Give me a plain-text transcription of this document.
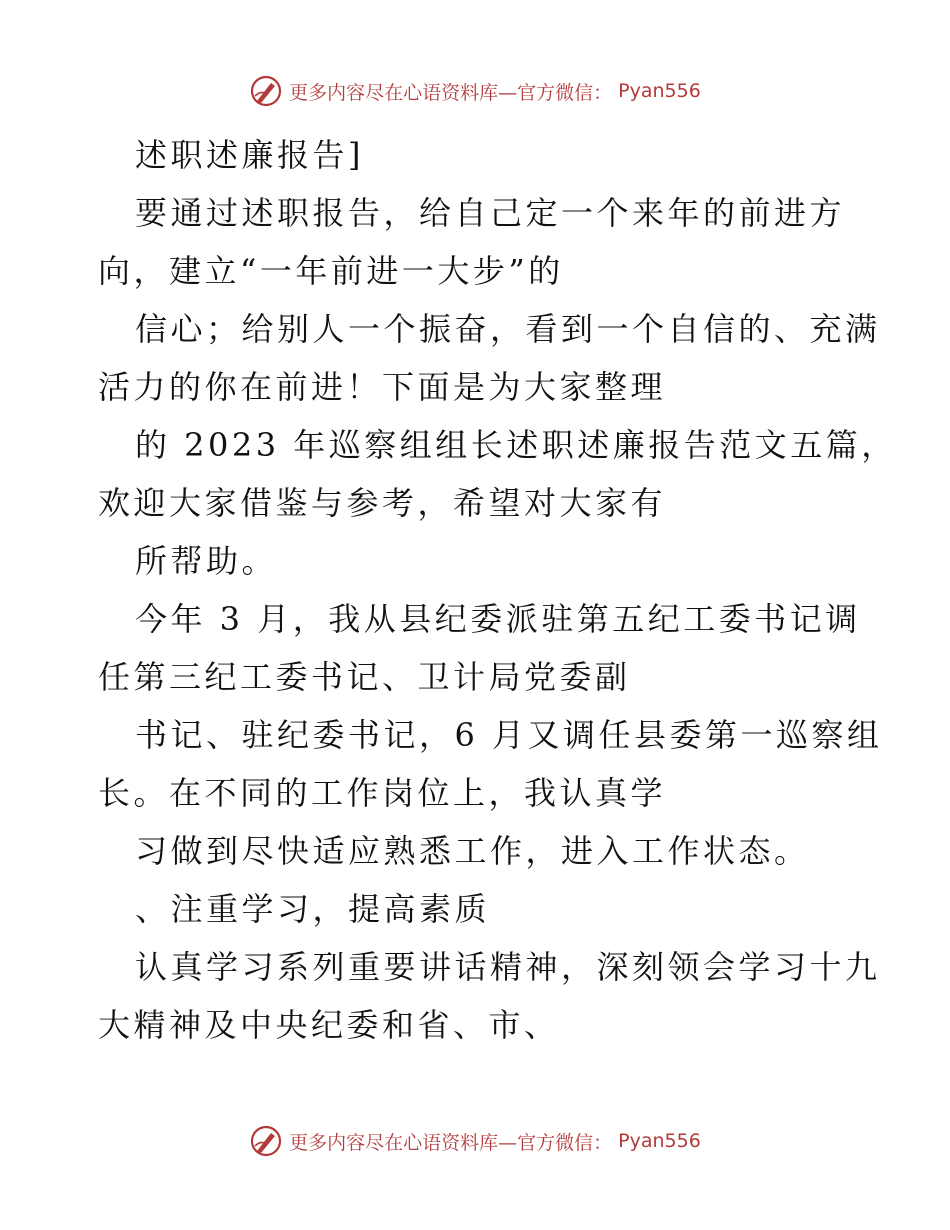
更多内容尽在心语资料库—官方微信： Pyan556
述职述廉报告]
要通过述职报告，给自己定一个来年的前进方
向，建立“一年前进一大步”的
信心；给别人一个振奋，看到一个自信的、充满
活力的你在前进！下面是为大家整理
的 2023 年巡察组组长述职述廉报告范文五篇，
欢迎大家借鉴与参考，希望对大家有
所帮助。
今年 3 月，我从县纪委派驻第五纪工委书记调
任第三纪工委书记、卫计局党委副
书记、驻纪委书记，6 月又调任县委第一巡察组
长。在不同的工作岗位上，我认真学
习做到尽快适应熟悉工作，进入工作状态。
、注重学习，提高素质
认真学习系列重要讲话精神，深刻领会学习十九
大精神及中央纪委和省、市、
更多内容尽在心语资料库—官方微信： Pyan556
